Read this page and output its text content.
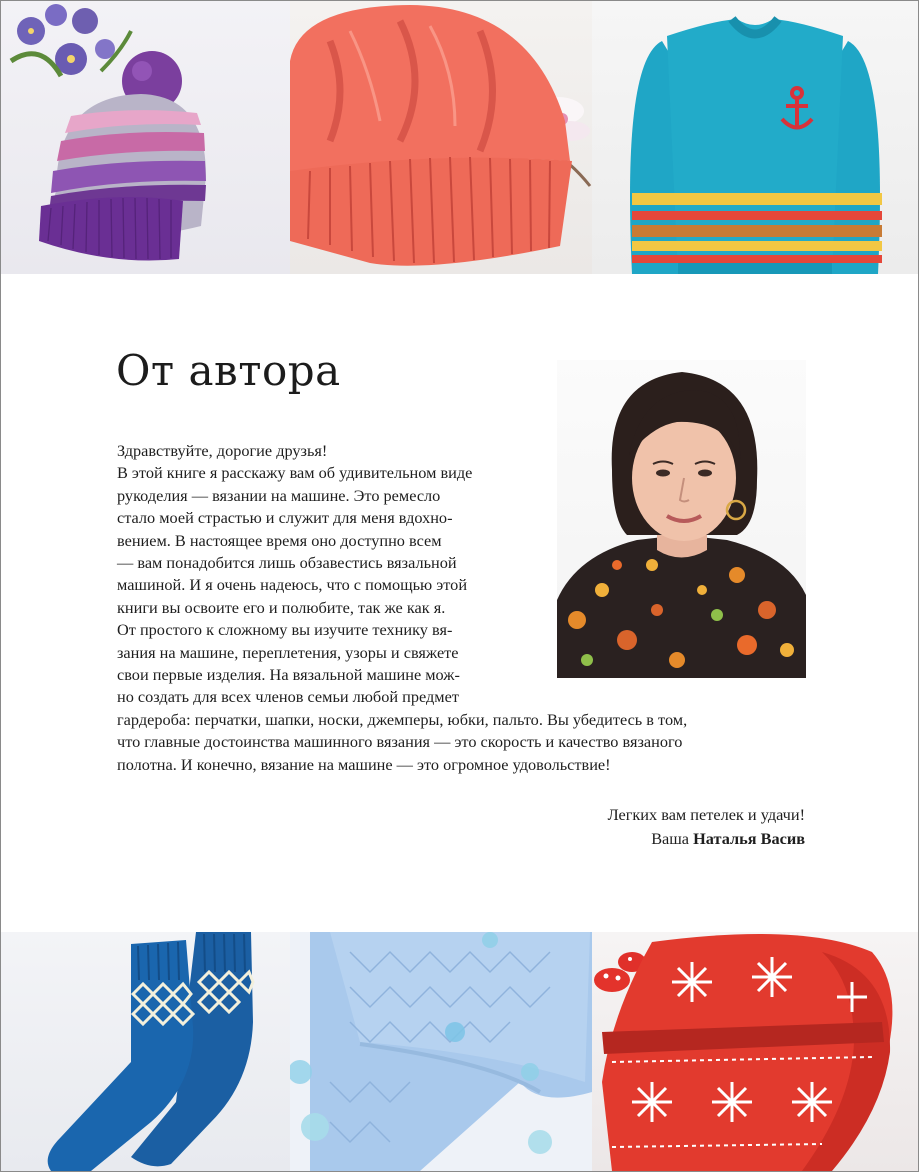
От автора
Здравствуйте, дорогие друзья!
В этой книге я расскажу вам об удивительном виде
рукоделия — вязании на машине. Это ремесло
стало моей страстью и служит для меня вдохно-
вением. В настоящее время оно доступно всем
— вам понадобится лишь обзавестись вязальной
машиной. И я очень надеюсь, что с помощью этой
книги вы освоите его и полюбите, так же как я.
От простого к сложному вы изучите технику вя-
зания на машине, переплетения, узоры и свяжете
свои первые изделия. На вязальной машине мож-
но создать для всех членов семьи любой предмет
гардероба: перчатки, шапки, носки, джемперы, юбки, пальто. Вы убедитесь в том,
что главные достоинства машинного вязания — это скорость и качество вязаного
полотна. И конечно, вязание на машине — это огромное удовольствие!
Легких вам петелек и удачи!
Ваша Наталья Васив
